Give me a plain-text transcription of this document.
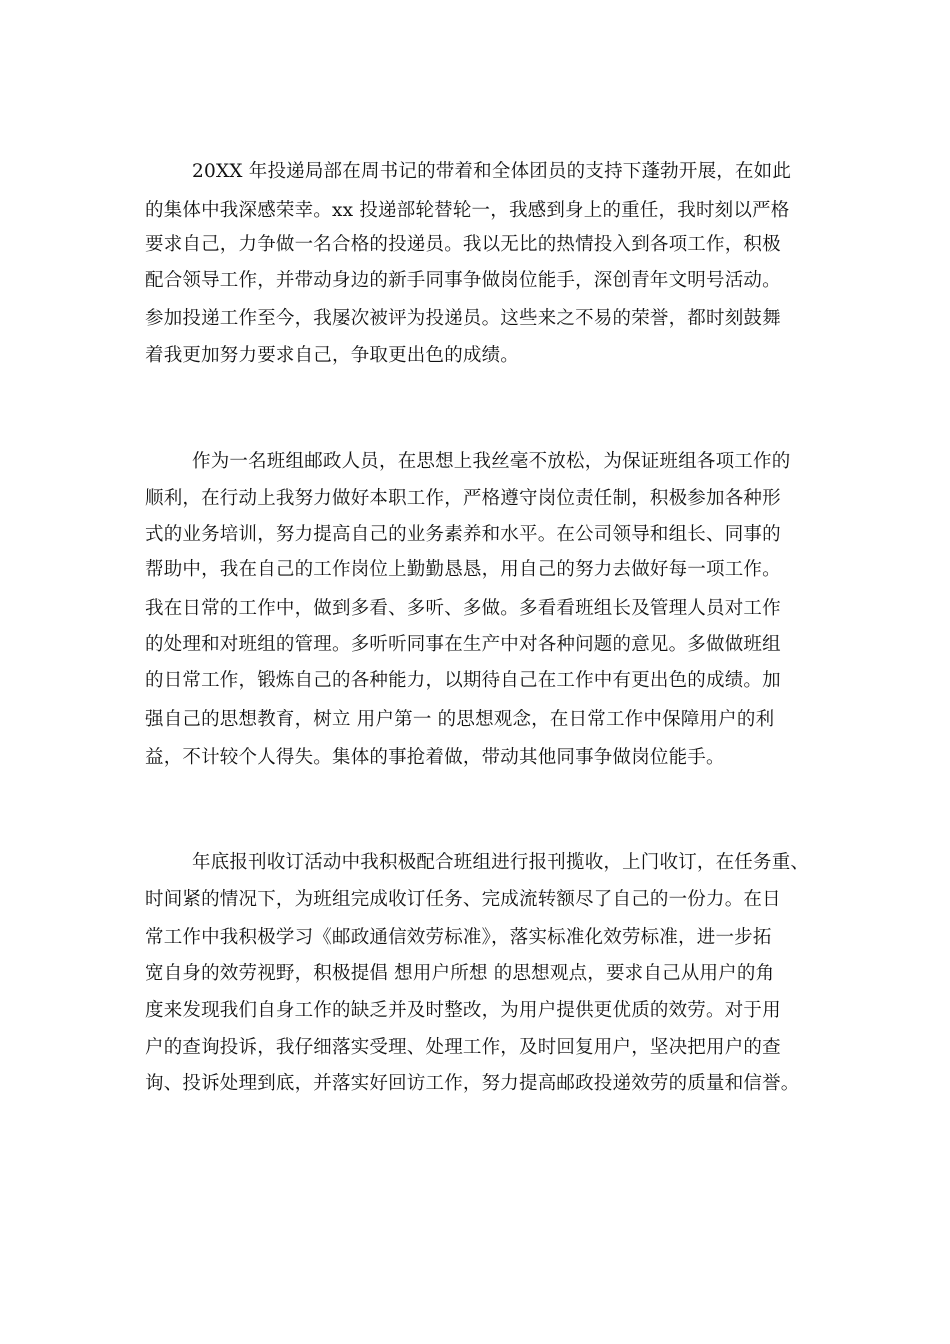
20XX 年投递局部在周书记的带着和全体团员的支持下蓬勃开展，在如此
的集体中我深感荣幸。xx 投递部轮替轮一，我感到身上的重任，我时刻以严格
要求自己，力争做一名合格的投递员。我以无比的热情投入到各项工作，积极
配合领导工作，并带动身边的新手同事争做岗位能手，深创青年文明号活动。
参加投递工作至今，我屡次被评为投递员。这些来之不易的荣誉，都时刻鼓舞
着我更加努力要求自己，争取更出色的成绩。
作为一名班组邮政人员，在思想上我丝毫不放松，为保证班组各项工作的
顺利，在行动上我努力做好本职工作，严格遵守岗位责任制，积极参加各种形
式的业务培训，努力提高自己的业务素养和水平。在公司领导和组长、同事的
帮助中，我在自己的工作岗位上勤勤恳恳，用自己的努力去做好每一项工作。
我在日常的工作中，做到多看、多听、多做。多看看班组长及管理人员对工作
的处理和对班组的管理。多听听同事在生产中对各种问题的意见。多做做班组
的日常工作，锻炼自己的各种能力，以期待自己在工作中有更出色的成绩。加
强自己的思想教育，树立 用户第一 的思想观念，在日常工作中保障用户的利
益，不计较个人得失。集体的事抢着做，带动其他同事争做岗位能手。
年底报刊收订活动中我积极配合班组进行报刊揽收，上门收订，在任务重、
时间紧的情况下，为班组完成收订任务、完成流转额尽了自己的一份力。在日
常工作中我积极学习《邮政通信效劳标准》，落实标准化效劳标准，进一步拓
宽自身的效劳视野，积极提倡 想用户所想 的思想观点，要求自己从用户的角
度来发现我们自身工作的缺乏并及时整改，为用户提供更优质的效劳。对于用
户的查询投诉，我仔细落实受理、处理工作，及时回复用户，坚决把用户的查
询、投诉处理到底，并落实好回访工作，努力提高邮政投递效劳的质量和信誉。
